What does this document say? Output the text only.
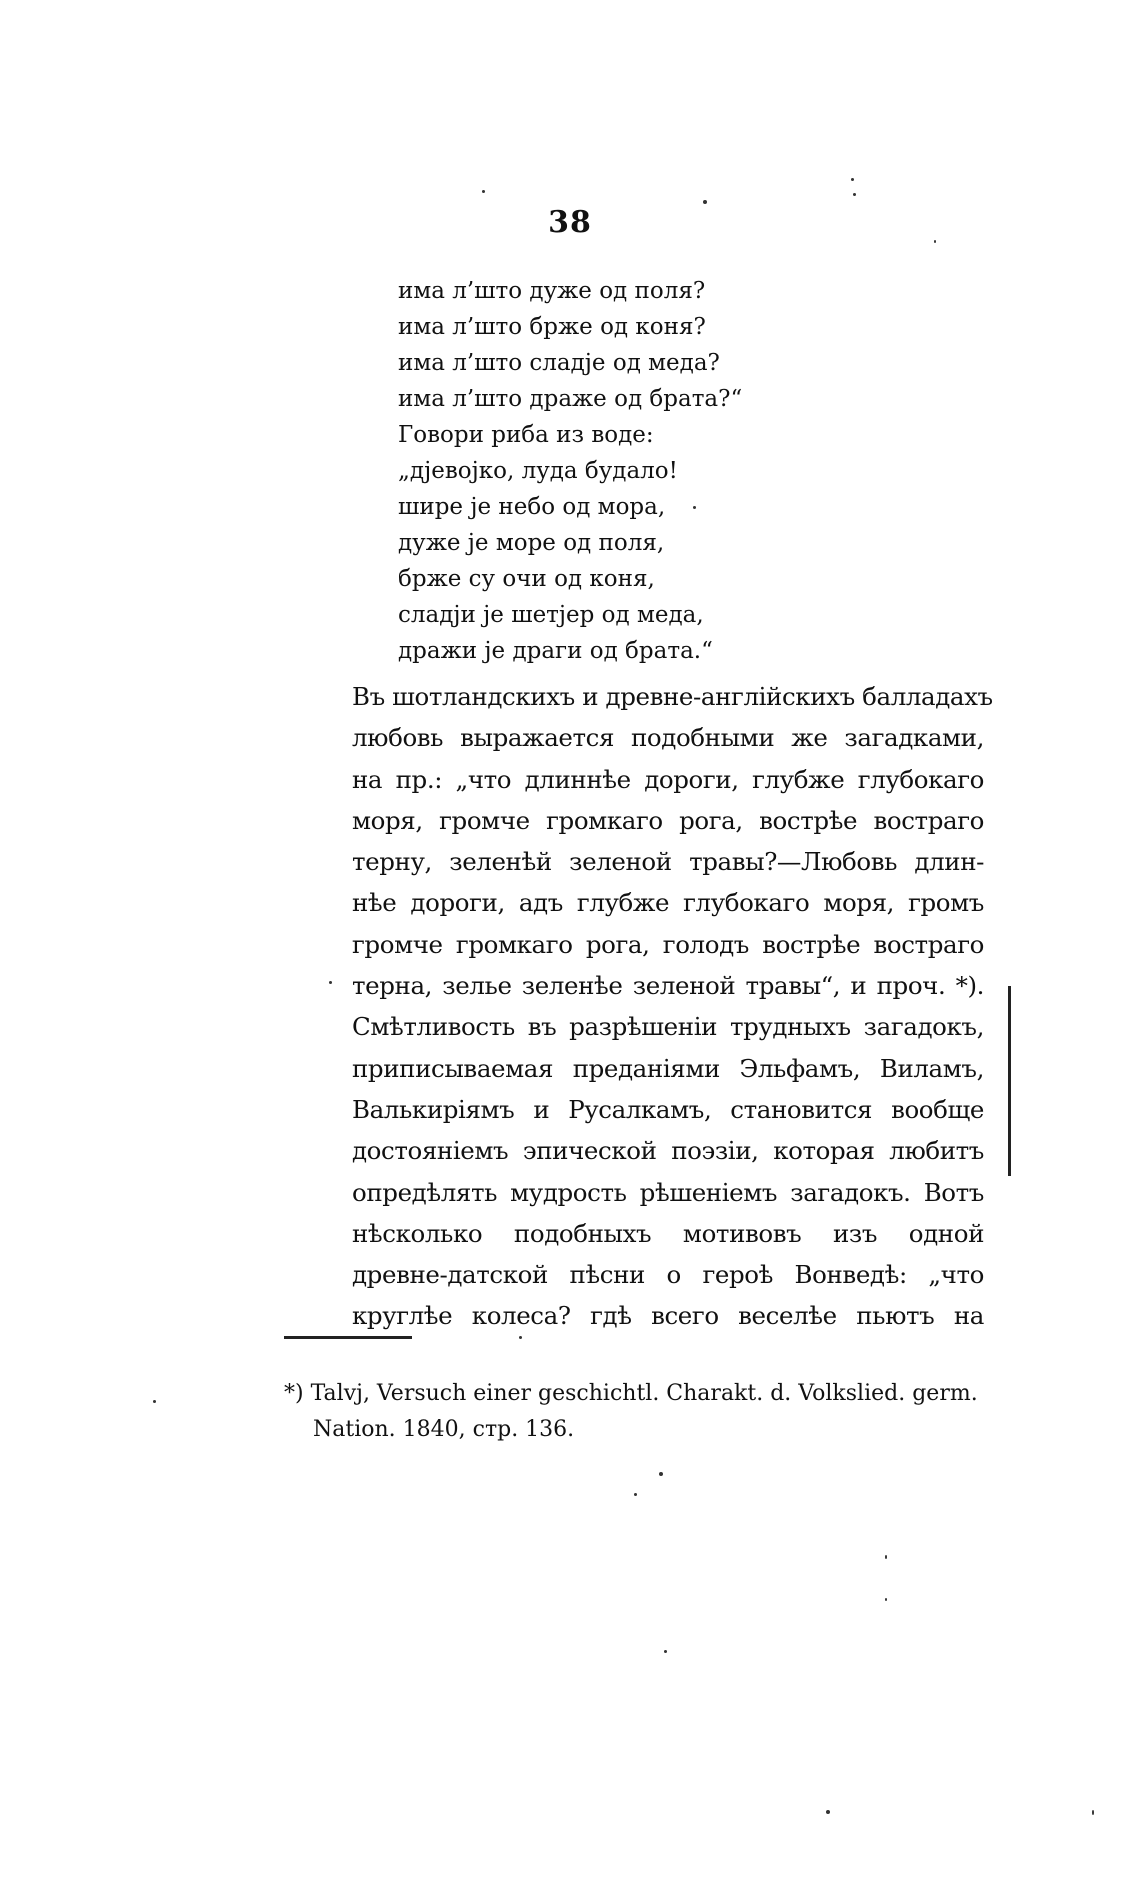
38
има л’што дуже од поля?
има л’што бржe од коня?
има л’што сладје од меда?
има л’што драже од брата?“
Говори риба из воде:
„дјевојко, луда будало!
шире је небо од мора,
дуже је море од поля,
брже су очи од коня,
сладји је шетјер од меда,
дражи је драги од брата.“
Въ шотландскихъ и древне-англійскихъ балладахъ
любовь выражается подобными же загадками,
на пр.: „что длиннѣе дороги, глубже глубокаго
моря, громче громкаго рога, вострѣе востраго
терну, зеленѣй зеленой травы?—Любовь длин-
нѣе дороги, адъ глубже глубокаго моря, громъ
громче громкаго рога, голодъ вострѣе востраго
терна, зелье зеленѣе зеленой травы“, и проч. *).
Смѣтливость въ разрѣшеніи трудныхъ загадокъ,
приписываемая преданіями Эльфамъ, Виламъ,
Валькиріямъ и Русалкамъ, становится вообще
достояніемъ эпической поэзіи, которая любитъ
опредѣлять мудрость рѣшеніемъ загадокъ. Вотъ
нѣсколько подобныхъ мотивовъ изъ одной
древне-датской пѣсни о героѣ Вонведѣ: „что
круглѣе колеса? гдѣ всего веселѣе пьютъ на
*) Talvj, Versuch einer geschichtl. Charakt. d. Volkslied. germ.
Nation. 1840, стр. 136.
